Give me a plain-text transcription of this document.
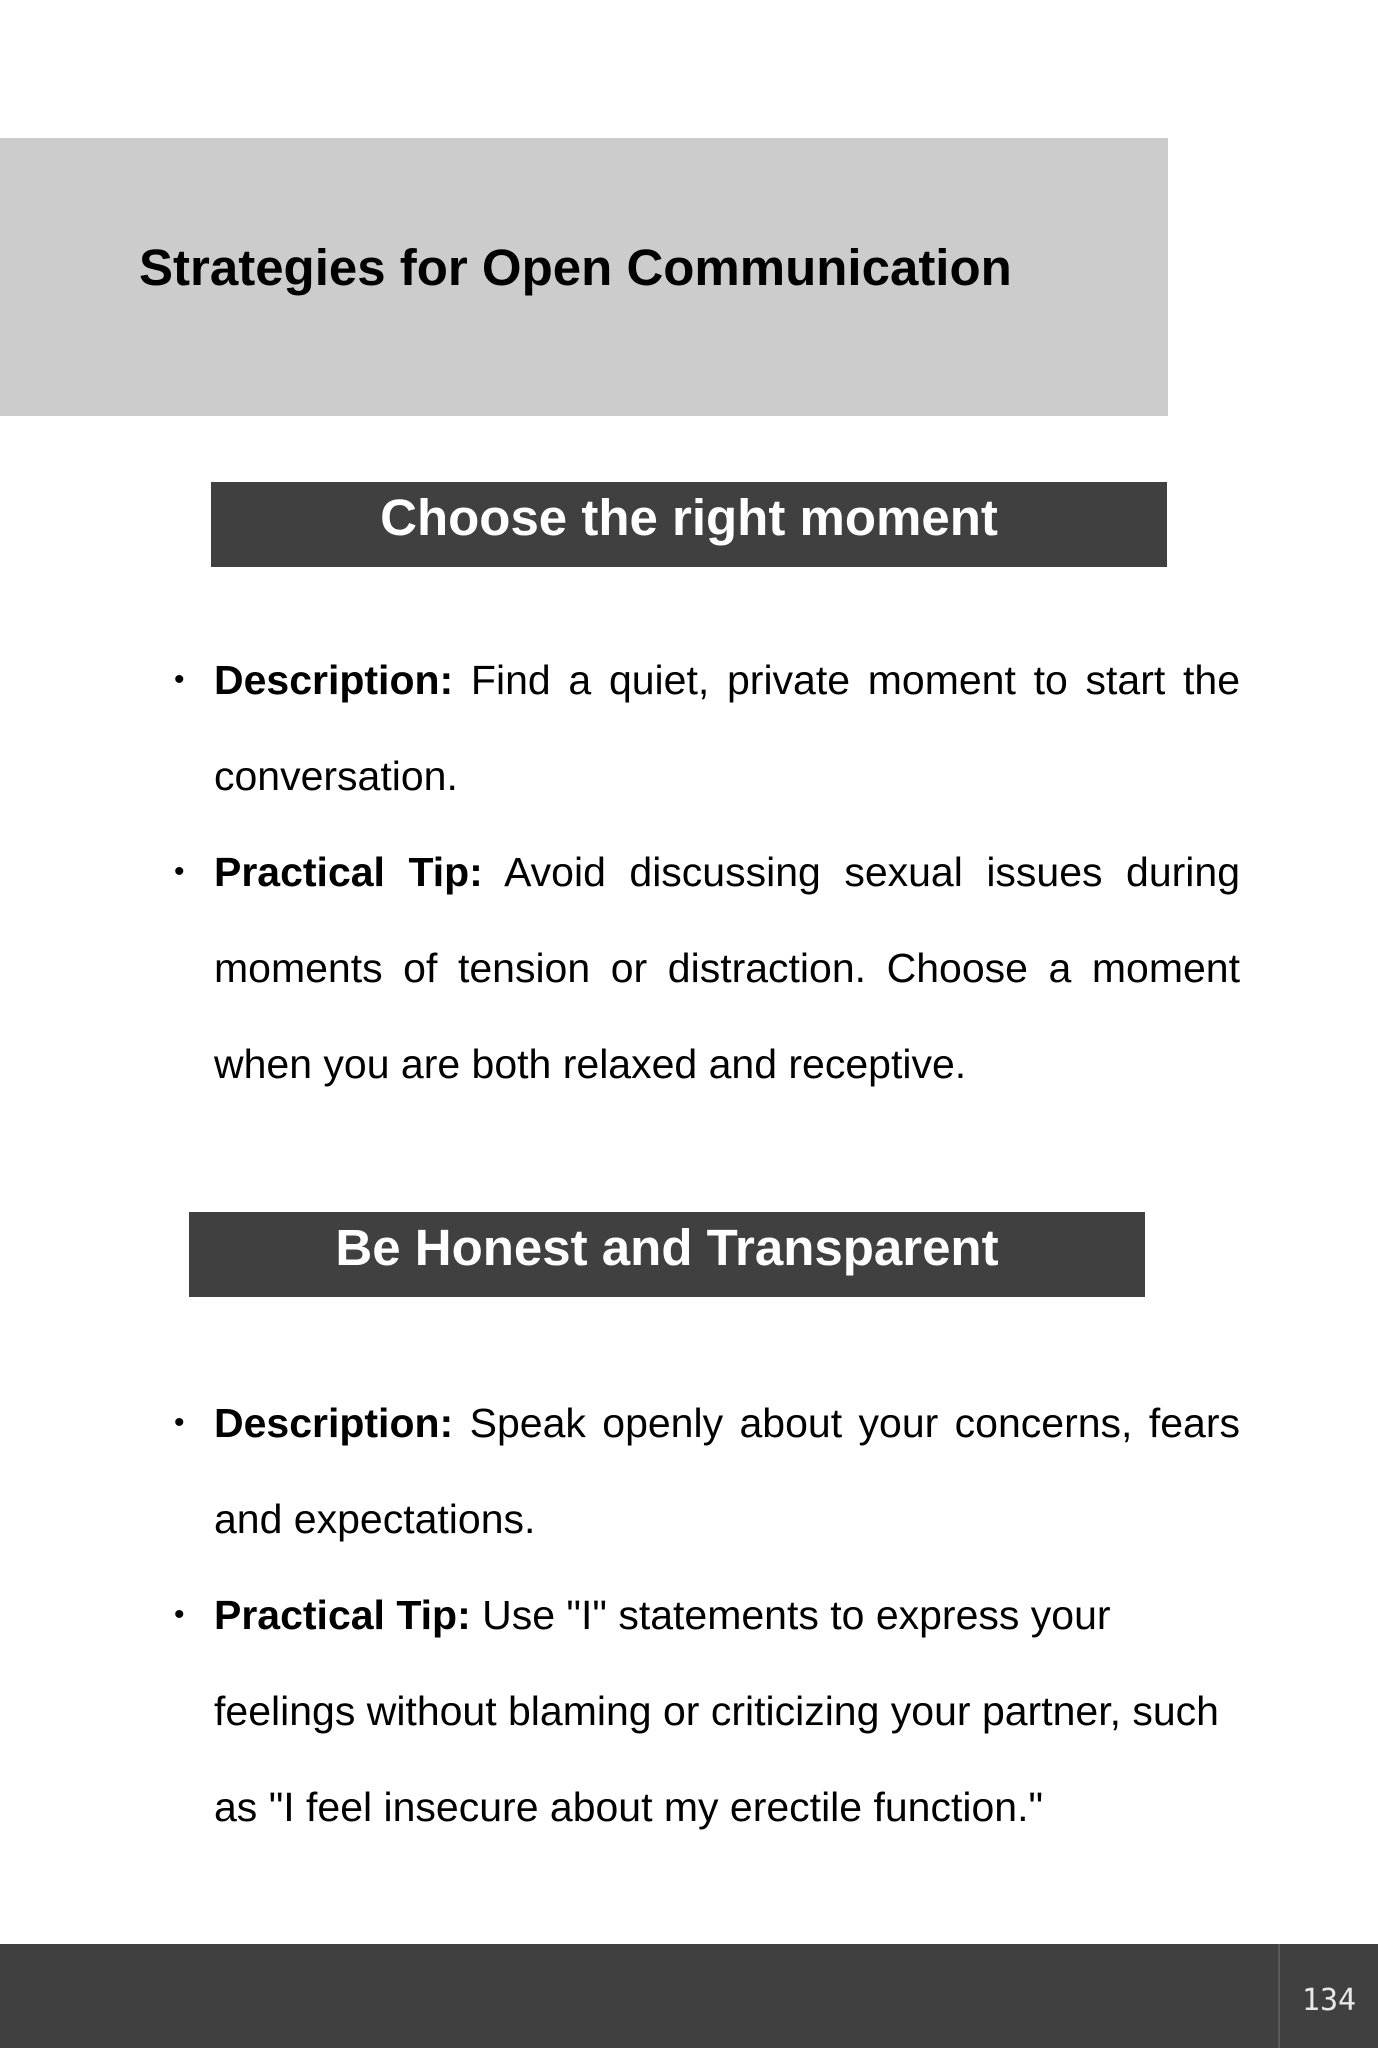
Strategies for Open Communication
Choose the right moment
• Description: Find a quiet, private moment to start the conversation.
• Practical Tip: Avoid discussing sexual issues during moments of tension or distraction. Choose a moment when you are both relaxed and receptive.
Be Honest and Transparent
• Description: Speak openly about your concerns, fears and expectations.
• Practical Tip: Use "I" statements to express your feelings without blaming or criticizing your partner, such as "I feel insecure about my erectile function."
134
